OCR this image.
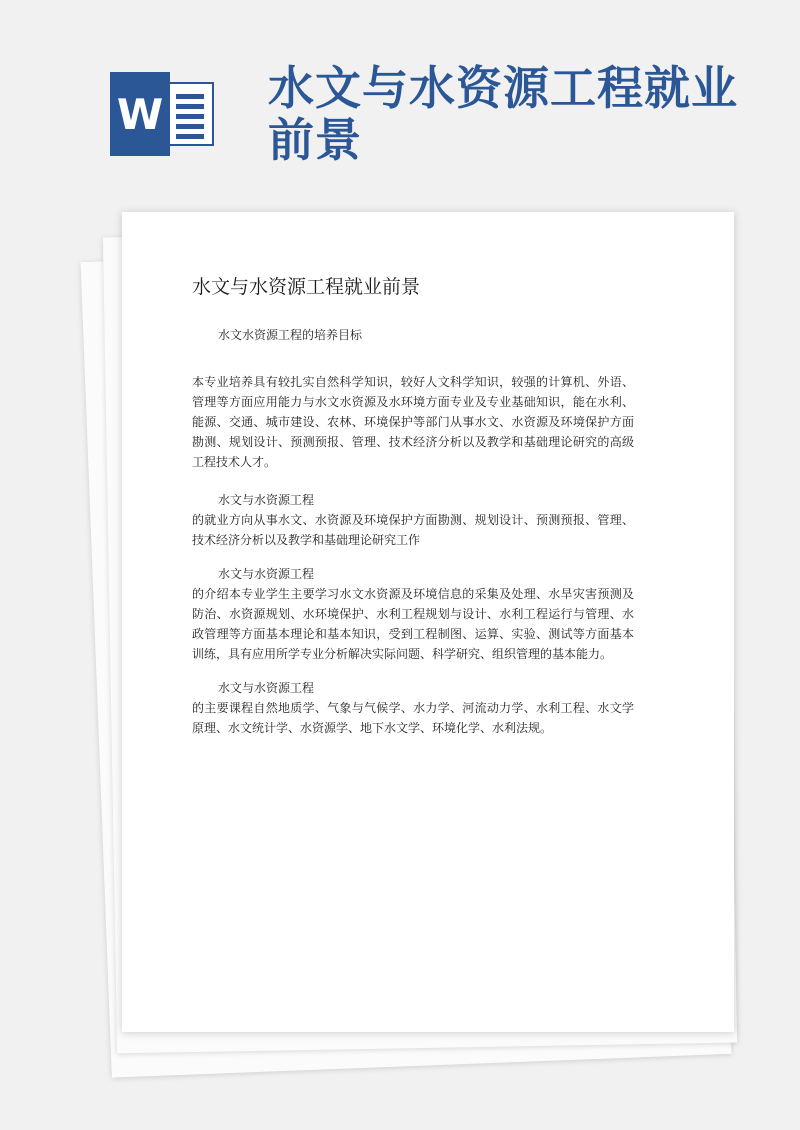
W 水文与水资源工程就业前景
水文与水资源工程就业前景

水文水资源工程的培养目标

本专业培养具有较扎实自然科学知识，较好人文科学知识，较强的计算机、外语、管理等方面应用能力与水文水资源及水环境方面专业及专业基础知识，能在水利、能源、交通、城市建设、农林、环境保护等部门从事水文、水资源及环境保护方面勘测、规划设计、预测预报、管理、技术经济分析以及教学和基础理论研究的高级工程技术人才。

水文与水资源工程

的就业方向从事水文、水资源及环境保护方面勘测、规划设计、预测预报、管理、技术经济分析以及教学和基础理论研究工作

水文与水资源工程

的介绍本专业学生主要学习水文水资源及环境信息的采集及处理、水旱灾害预测及防治、水资源规划、水环境保护、水利工程规划与设计、水利工程运行与管理、水政管理等方面基本理论和基本知识，受到工程制图、运算、实验、测试等方面基本训练，具有应用所学专业分析解决实际问题、科学研究、组织管理的基本能力。

水文与水资源工程

的主要课程自然地质学、气象与气候学、水力学、河流动力学、水利工程、水文学原理、水文统计学、水资源学、地下水文学、环境化学、水利法规。
